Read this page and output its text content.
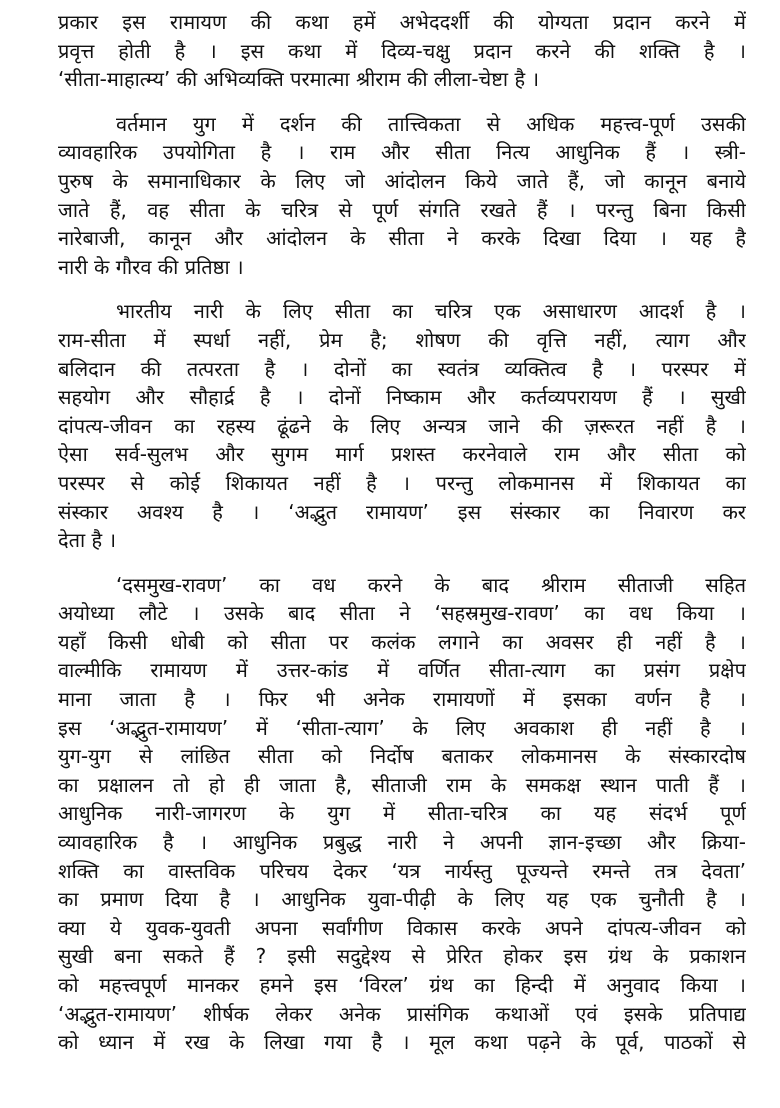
प्रकार इस रामायण की कथा हमें अभेददर्शी की योग्यता प्रदान करने में
प्रवृत्त होती है । इस कथा में दिव्य-चक्षु प्रदान करने की शक्ति है ।
‘सीता-माहात्म्य’ की अभिव्यक्ति परमात्मा श्रीराम की लीला-चेष्टा है ।
वर्तमान युग में दर्शन की तात्त्विकता से अधिक महत्त्व-पूर्ण उसकी
व्यावहारिक उपयोगिता है । राम और सीता नित्य आधुनिक हैं । स्त्री-
पुरुष के समानाधिकार के लिए जो आंदोलन किये जाते हैं, जो कानून बनाये
जाते हैं, वह सीता के चरित्र से पूर्ण संगति रखते हैं । परन्तु बिना किसी
नारेबाजी, कानून और आंदोलन के सीता ने करके दिखा दिया । यह है
नारी के गौरव की प्रतिष्ठा ।
भारतीय नारी के लिए सीता का चरित्र एक असाधारण आदर्श है ।
राम-सीता में स्पर्धा नहीं, प्रेम है; शोषण की वृत्ति नहीं, त्याग और
बलिदान की तत्परता है । दोनों का स्वतंत्र व्यक्तित्व है । परस्पर में
सहयोग और सौहार्द्र है । दोनों निष्काम और कर्तव्यपरायण हैं । सुखी
दांपत्य-जीवन का रहस्य ढूंढने के लिए अन्यत्र जाने की ज़रूरत नहीं है ।
ऐसा सर्व-सुलभ और सुगम मार्ग प्रशस्त करनेवाले राम और सीता को
परस्पर से कोई शिकायत नहीं है । परन्तु लोकमानस में शिकायत का
संस्कार अवश्य है । ‘अद्भुत रामायण’ इस संस्कार का निवारण कर
देता है ।
‘दसमुख-रावण’ का वध करने के बाद श्रीराम सीताजी सहित
अयोध्या लौटे । उसके बाद सीता ने ‘सहस्रमुख-रावण’ का वध किया ।
यहाँ किसी धोबी को सीता पर कलंक लगाने का अवसर ही नहीं है ।
वाल्मीकि रामायण में उत्तर-कांड में वर्णित सीता-त्याग का प्रसंग प्रक्षेप
माना जाता है । फिर भी अनेक रामायणों में इसका वर्णन है ।
इस ‘अद्भुत-रामायण’ में ‘सीता-त्याग’ के लिए अवकाश ही नहीं है ।
युग-युग से लांछित सीता को निर्दोष बताकर लोकमानस के संस्कारदोष
का प्रक्षालन तो हो ही जाता है, सीताजी राम के समकक्ष स्थान पाती हैं ।
आधुनिक नारी-जागरण के युग में सीता-चरित्र का यह संदर्भ पूर्ण
व्यावहारिक है । आधुनिक प्रबुद्ध नारी ने अपनी ज्ञान-इच्छा और क्रिया-
शक्ति का वास्तविक परिचय देकर ‘यत्र नार्यस्तु पूज्यन्ते रमन्ते तत्र देवता’
का प्रमाण दिया है । आधुनिक युवा-पीढ़ी के लिए यह एक चुनौती है ।
क्या ये युवक-युवती अपना सर्वांगीण विकास करके अपने दांपत्य-जीवन को
सुखी बना सकते हैं ? इसी सदुद्देश्य से प्रेरित होकर इस ग्रंथ के प्रकाशन
को महत्त्वपूर्ण मानकर हमने इस ‘विरल’ ग्रंथ का हिन्दी में अनुवाद किया ।
‘अद्भुत-रामायण’ शीर्षक लेकर अनेक प्रासंगिक कथाओं एवं इसके प्रतिपाद्य
को ध्यान में रख के लिखा गया है । मूल कथा पढ़ने के पूर्व, पाठकों से
